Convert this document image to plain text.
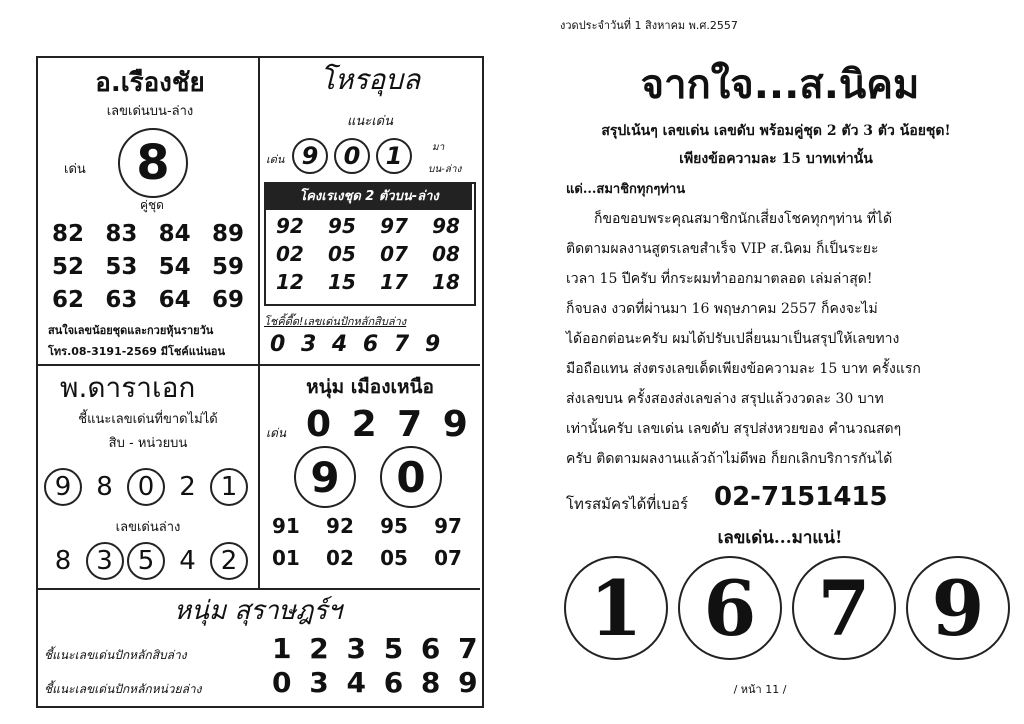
อ.เรืองชัย
เลขเด่นบน-ล่าง
เด่น 8
คู่ชุด
82 83 84 89
52 53 54 59
62 63 64 69
สนใจเลขน้อยชุดและกวยหุ้นรายวัน
โทร.08-3191-2569 มีโชค์แน่นอน
โหรอุบล
แนะเด่น
เด่น 9	0	1	มา
บน-ล่าง
โคงเรเงชุด 2 ตัวบน-ล่าง
92 95 97 98
02 05 07 08
12 15 17 18
โชคิ้ดี๊ด!เลขเด่นปักหลักสิบล่าง
0 3 4 6 7 9
พ.ดาราเอก
ชี้แนะเลขเด่นที่ขาดไม่ได้
สิบ - หน่วยบน
9 8 0 2 1
เลขเด่นล่าง
8 3 5 4 2
หนุ่ม เมืองเหนือ
เด่น 0 2 7 9
9	0
91 92 95 97
01 02 05 07
หนุ่ม สุราษฎร์ฯ
ชี้แนะเลขเด่นปักหลักสิบล่าง	1 2 3 5 6 7
ชี้แนะเลขเด่นปักหลักหน่วยล่าง	0 3 4 6 8 9
งวดประจำวันที่ 1 สิงหาคม พ.ศ.2557
จากใจ...ส.นิคม
สรุปเน้นๆ เลขเด่น เลขดับ พร้อมคู่ชุด 2 ตัว 3 ตัว น้อยชุด!
เพียงข้อความละ 15 บาทเท่านั้น
แด่...สมาชิกทุกๆท่าน
ก็ขอขอบพระคุณสมาชิกนักเสี่ยงโชคทุกๆท่าน ที่ได้
ติดตามผลงานสูตรเลขสำเร็จ VIP ส.นิคม ก็เป็นระยะ
เวลา 15 ปีครับ ที่กระผมทำออกมาตลอด เล่มล่าสุด!
ก็จบลง งวดที่ผ่านมา 16 พฤษภาคม 2557 ก็คงจะไม่
ได้ออกต่อนะครับ ผมได้ปรับเปลี่ยนมาเป็นสรุปให้เลขทาง
มือถือแทน ส่งตรงเลขเด็ดเพียงข้อความละ 15 บาท ครั้งแรก
ส่งเลขบน ครั้งสองส่งเลขล่าง สรุปแล้วงวดละ 30 บาท
เท่านั้นครับ เลขเด่น เลขดับ สรุปส่งหวยของ คำนวณสดๆ
ครับ ติดตามผลงานแล้วถ้าไม่ดีพอ ก็ยกเลิกบริการกันได้
โทรสมัครได้ที่เบอร์ 02-7151415
เลขเด่น...มาแน่!
1 6 7 9
/ หน้า 11 /
